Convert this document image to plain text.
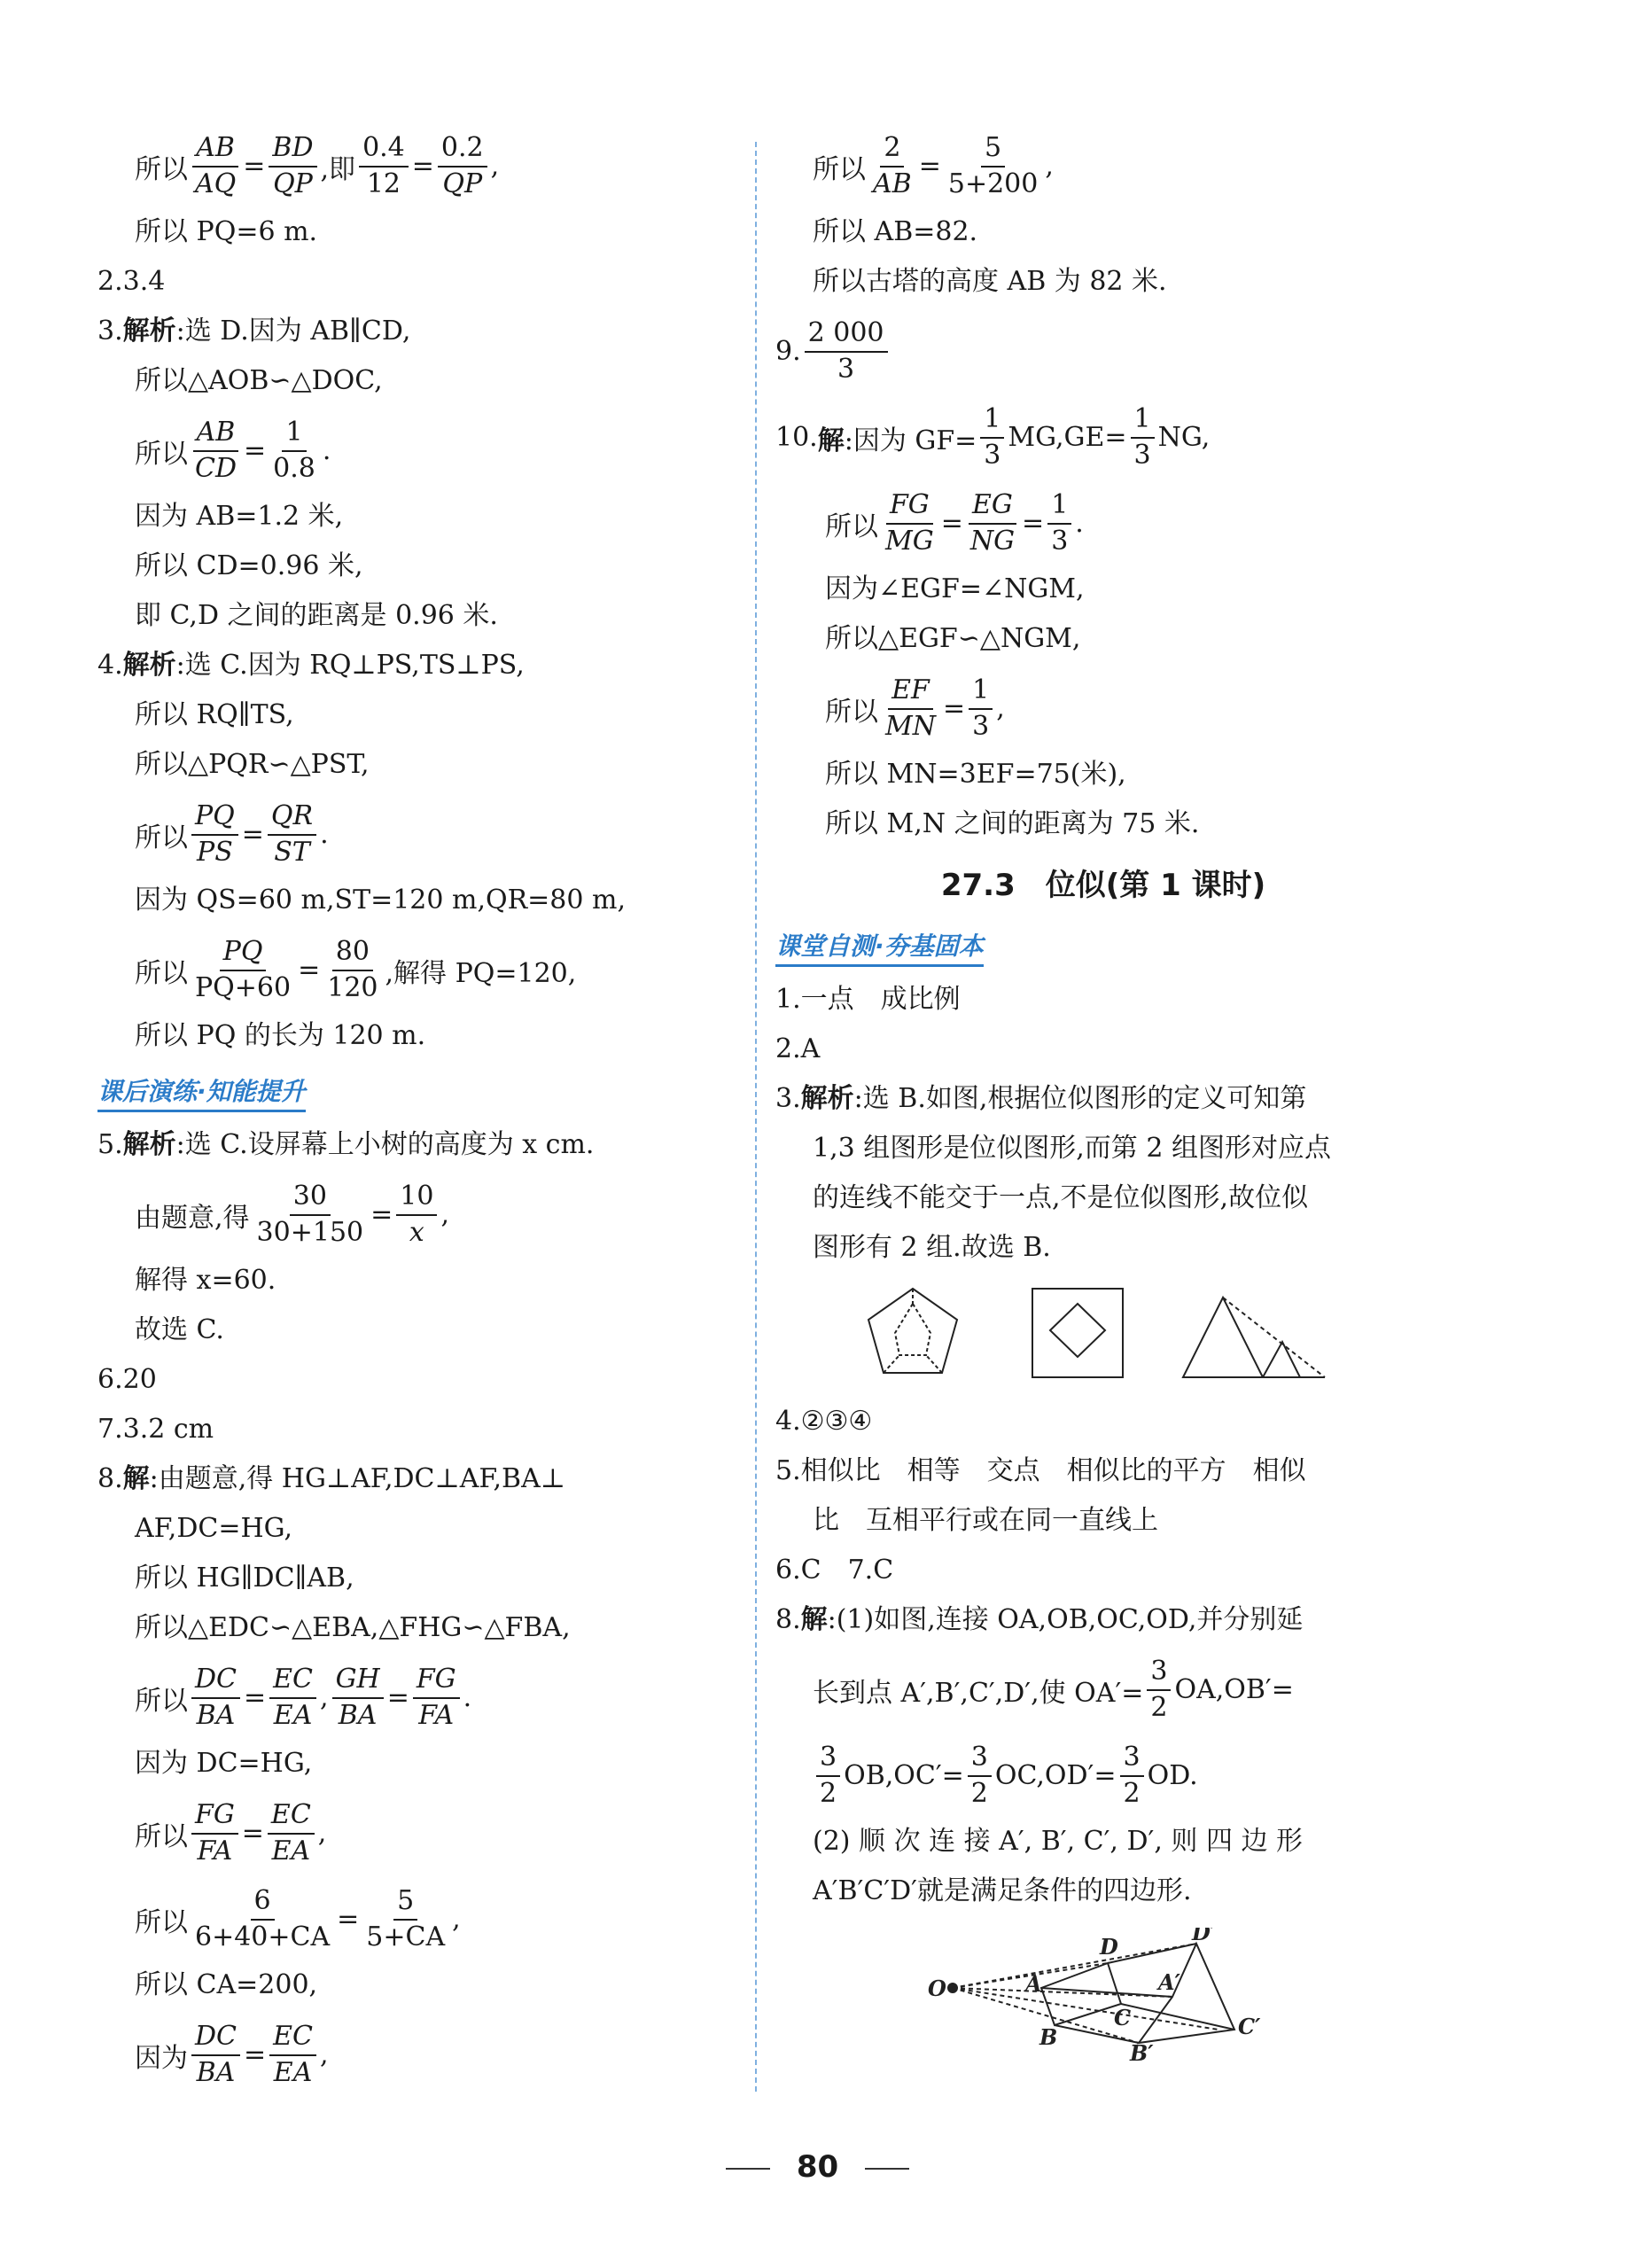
所以 $\frac{AB}{AQ} = \frac{BD}{QP}$ ,即 $\frac{0.4}{12} = \frac{0.2}{QP}$ ,
所以 PQ=6 m.
2.3.4
3.解析:选 D.因为 AB∥CD,
所以△AOB∽△DOC,
所以 $\frac{AB}{CD} = \frac{1}{0.8}$ .
因为 AB=1.2 米,
所以 CD=0.96 米,
即 C,D 之间的距离是 0.96 米.
4.解析:选 C.因为 RQ⊥PS,TS⊥PS,
所以 RQ∥TS,
所以△PQR∽△PST,
所以 $\frac{PQ}{PS} = \frac{QR}{ST}$ .
因为 QS=60 m,ST=120 m,QR=80 m,
所以 $\frac{PQ}{PQ+60} = \frac{80}{120}$ ,解得 PQ=120,
所以 PQ 的长为 120 m.
课后演练·知能提升
5.解析:选 C.设屏幕上小树的高度为 x cm.
由题意,得 $\frac{30}{30+150} = \frac{10}{x}$ ,
解得 x=60.
故选 C.
6.20
7.3.2 cm
8.解:由题意,得 HG⊥AF,DC⊥AF,BA⊥
AF,DC=HG,
所以 HG∥DC∥AB,
所以△EDC∽△EBA,△FHG∽△FBA,
所以 $\frac{DC}{BA} = \frac{EC}{EA}$ , $\frac{GH}{BA} = \frac{FG}{FA}$ .
因为 DC=HG,
所以 $\frac{FG}{FA} = \frac{EC}{EA}$ ,
所以 $\frac{6}{6+40+CA} = \frac{5}{5+CA}$ ,
所以 CA=200,
因为 $\frac{DC}{BA} = \frac{EC}{EA}$ ,
所以 $\frac{2}{AB} = \frac{5}{5+200}$ ,
所以 AB=82.
所以古塔的高度 AB 为 82 米.
9. $\frac{2 000}{3}$
10. 解 :因为 $GF= \frac{1}{3} MG,GE= \frac{1}{3}$ NG,
所以 $\frac{FG}{MG} = \frac{EG}{NG} = \frac{1}{3}$ .
因为∠EGF=∠NGM,
所以△EGF∽△NGM,
所以 $\frac{EF}{MN} = \frac{1}{3}$ ,
所以 MN=3EF=75(米),
所以 M,N 之间的距离为 75 米.
27.3　位似(第 1 课时)
课堂自测·夯基固本
1.一点　成比例
2.A
3.解析:选 B.如图,根据位似图形的定义可知第
1,3 组图形是位似图形,而第 2 组图形对应点
的连线不能交于一点,不是位似图形,故位似
图形有 2 组.故选 B.
4.②③④
5.相似比　相等　交点　相似比的平方　相似
比　互相平行或在同一直线上
6.C　7.C
8.解:(1)如图,连接 OA,OB,OC,OD,并分别延
长到点 A′,B′,C′,D′,使 $OA'= \frac{3}{2} OA,OB'=$
$\frac{3}{2} OB,OC'= \frac{3}{2} OC,OD'= \frac{3}{2}$ OD.
(2) 顺 次 连 接 A′, B′, C′, D′, 则 四 边 形
A′B′C′D′就是满足条件的四边形.
O	A
B
C
D
A′
B′
C′
D′
80
